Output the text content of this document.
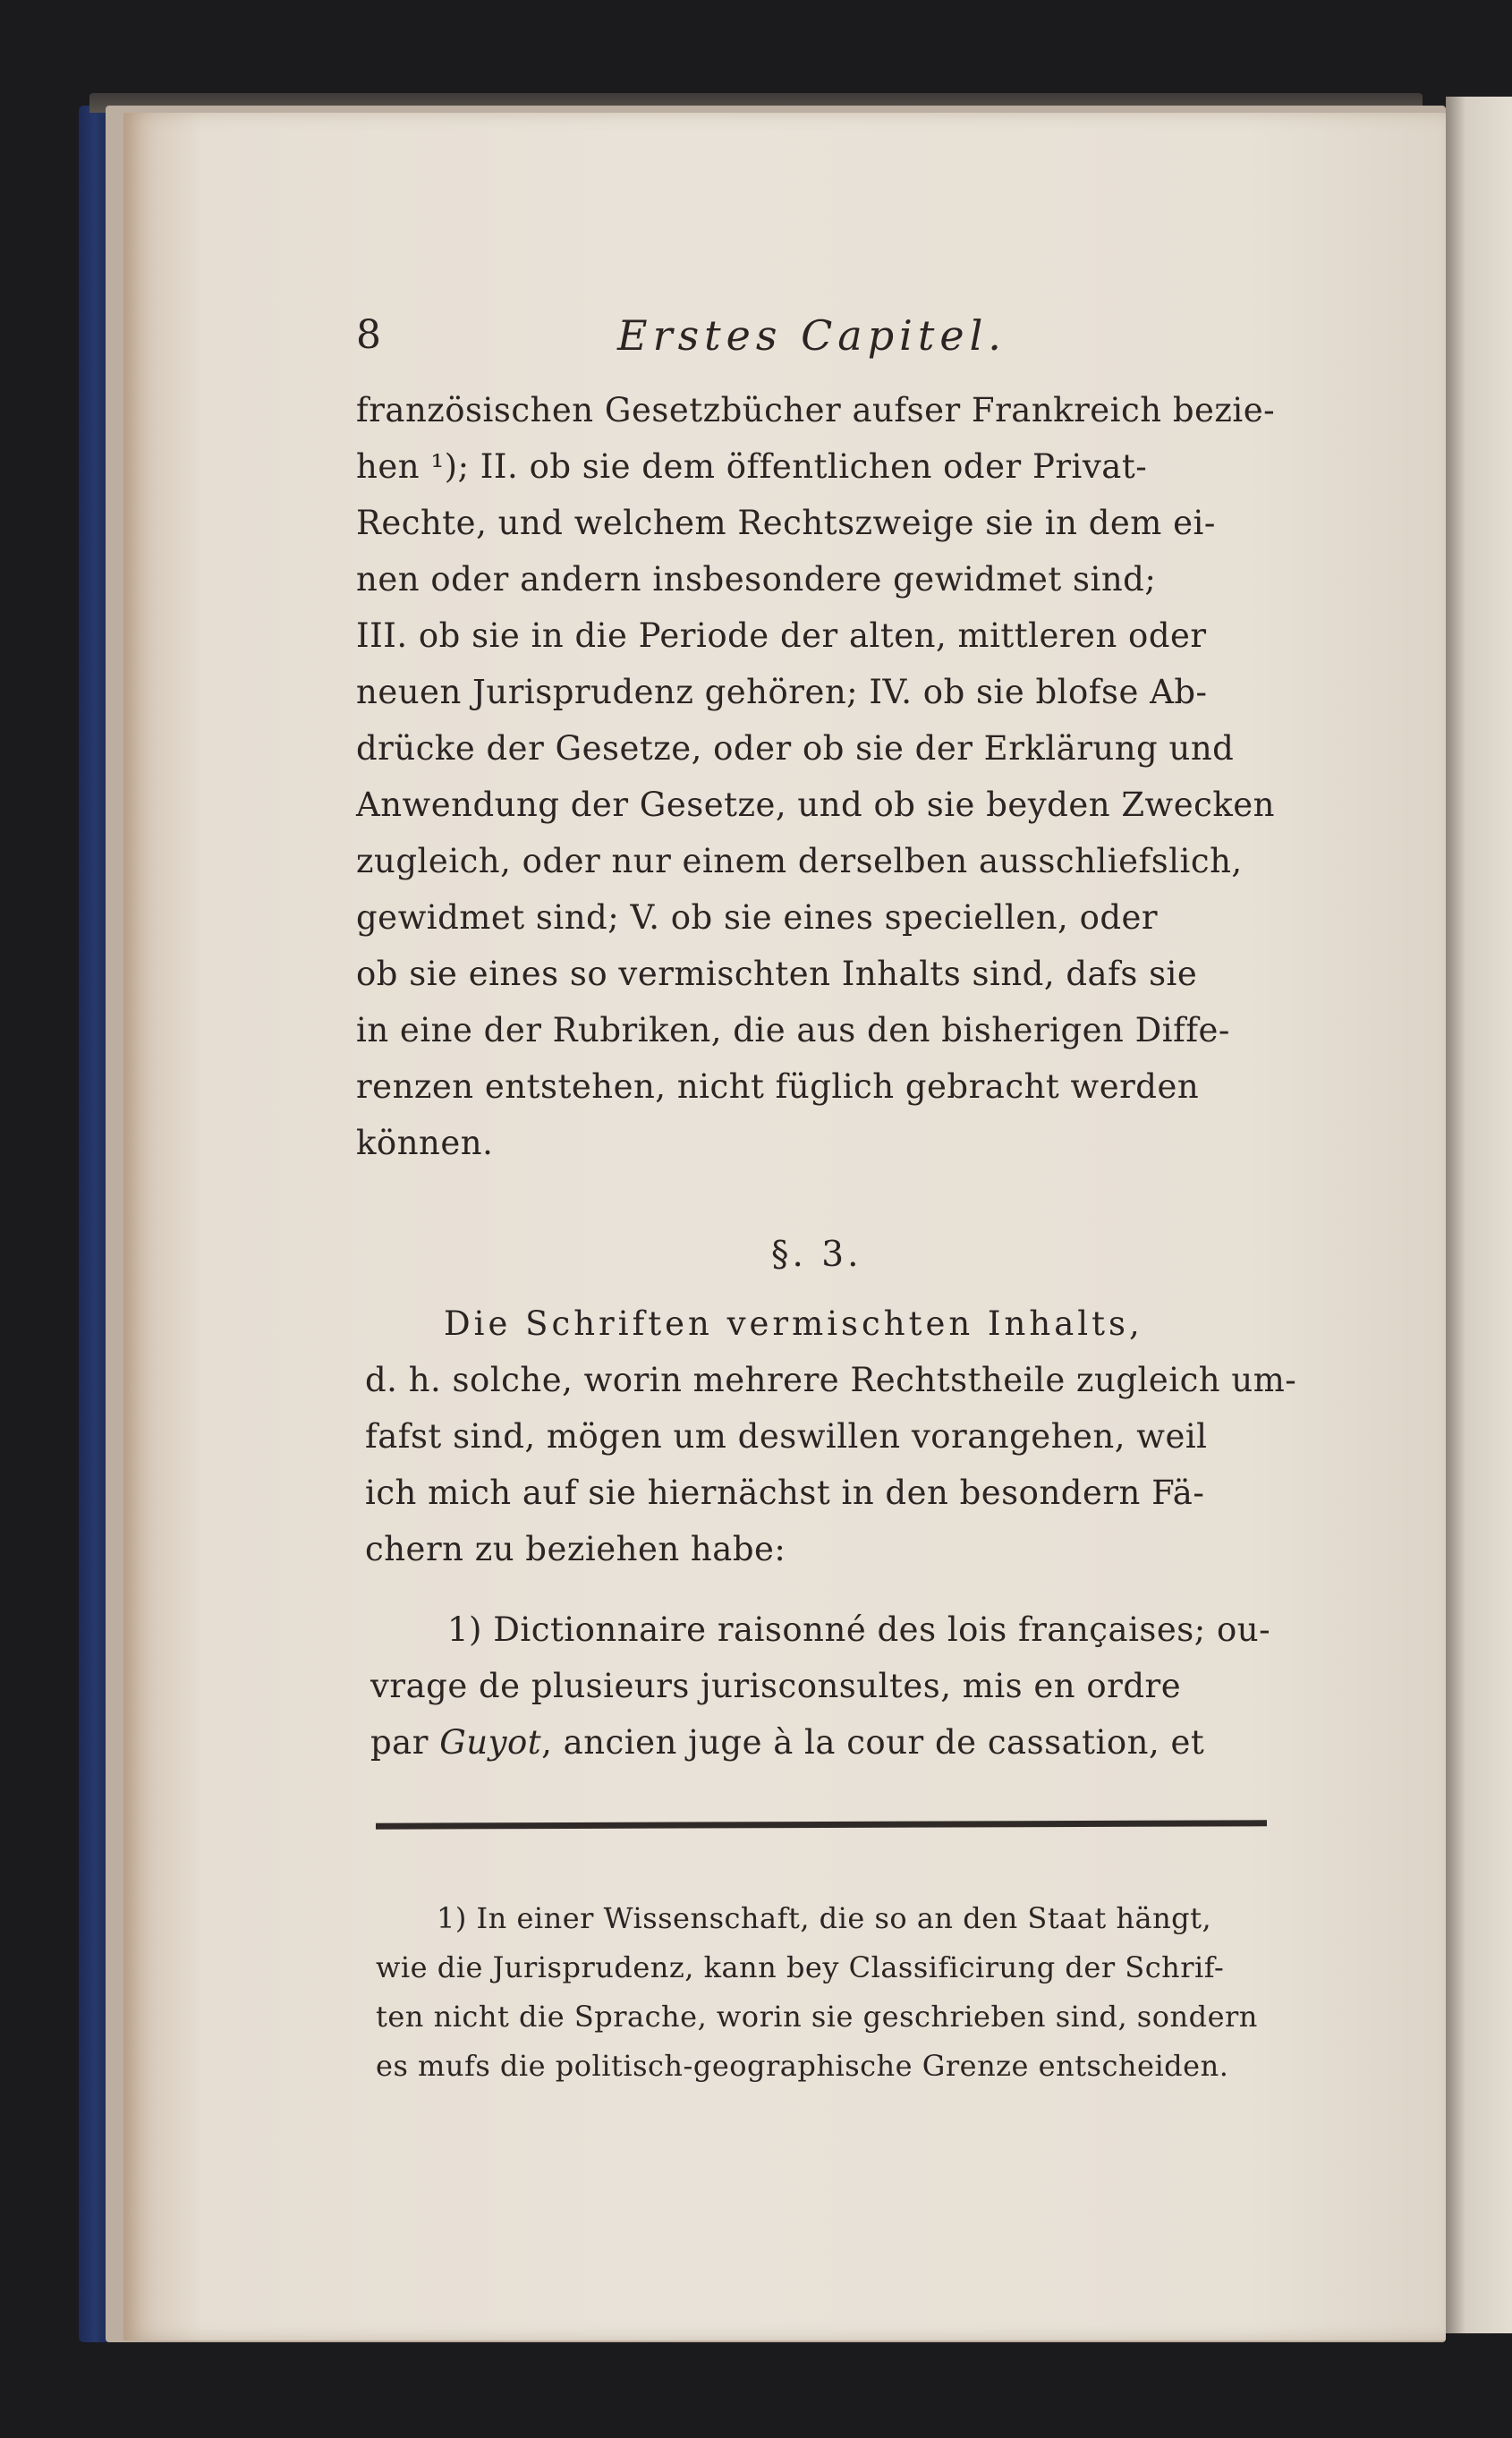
8	Erstes Capitel.
französischen Gesetzbücher aufser Frankreich bezie-
hen ¹); II. ob sie dem öffentlichen oder Privat-
Rechte, und welchem Rechtszweige sie in dem ei-
nen oder andern insbesondere gewidmet sind;
III. ob sie in die Periode der alten, mittleren oder
neuen Jurisprudenz gehören; IV. ob sie blofse Ab-
drücke der Gesetze, oder ob sie der Erklärung und
Anwendung der Gesetze, und ob sie beyden Zwecken
zugleich, oder nur einem derselben ausschliefslich,
gewidmet sind; V. ob sie eines speciellen, oder
ob sie eines so vermischten Inhalts sind, dafs sie
in eine der Rubriken, die aus den bisherigen Diffe-
renzen entstehen, nicht füglich gebracht werden
können.
§. 3.
Die Schriften vermischten Inhalts,
d. h. solche, worin mehrere Rechtstheile zugleich um-
fafst sind, mögen um deswillen vorangehen, weil
ich mich auf sie hiernächst in den besondern Fä-
chern zu beziehen habe:
1) Dictionnaire raisonné des lois françaises; ou-
vrage de plusieurs jurisconsultes, mis en ordre
par Guyot, ancien juge à la cour de cassation, et
1) In einer Wissenschaft, die so an den Staat hängt,
wie die Jurisprudenz, kann bey Classificirung der Schrif-
ten nicht die Sprache, worin sie geschrieben sind, sondern
es mufs die politisch-geographische Grenze entscheiden.
